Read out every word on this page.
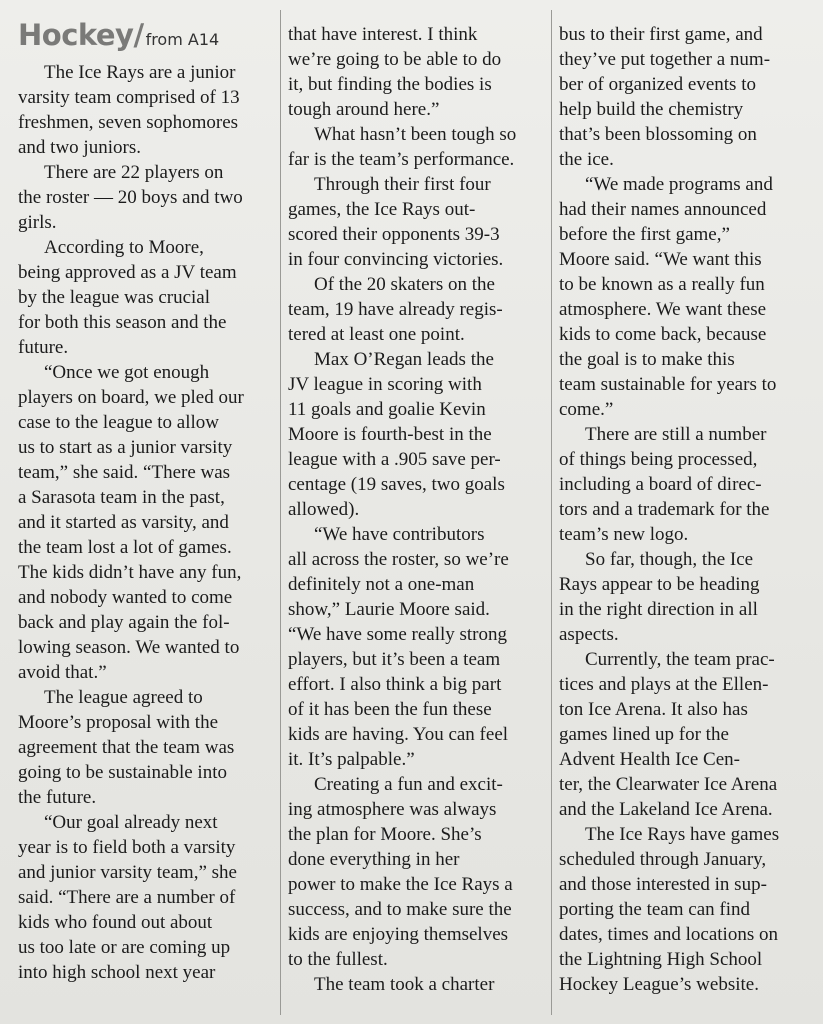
Hockey/ from A14
The Ice Rays are a junior
varsity team comprised of 13
freshmen, seven sophomores
and two juniors.
There are 22 players on
the roster — 20 boys and two
girls.
According to Moore,
being approved as a JV team
by the league was crucial
for both this season and the
future.
“Once we got enough
players on board, we pled our
case to the league to allow
us to start as a junior varsity
team,” she said. “There was
a Sarasota team in the past,
and it started as varsity, and
the team lost a lot of games.
The kids didn’t have any fun,
and nobody wanted to come
back and play again the fol-
lowing season. We wanted to
avoid that.”
The league agreed to
Moore’s proposal with the
agreement that the team was
going to be sustainable into
the future.
“Our goal already next
year is to field both a varsity
and junior varsity team,” she
said. “There are a number of
kids who found out about
us too late or are coming up
into high school next year
that have interest. I think
we’re going to be able to do
it, but finding the bodies is
tough around here.”
What hasn’t been tough so
far is the team’s performance.
Through their first four
games, the Ice Rays out-
scored their opponents 39-3
in four convincing victories.
Of the 20 skaters on the
team, 19 have already regis-
tered at least one point.
Max O’Regan leads the
JV league in scoring with
11 goals and goalie Kevin
Moore is fourth-best in the
league with a .905 save per-
centage (19 saves, two goals
allowed).
“We have contributors
all across the roster, so we’re
definitely not a one-man
show,” Laurie Moore said.
“We have some really strong
players, but it’s been a team
effort. I also think a big part
of it has been the fun these
kids are having. You can feel
it. It’s palpable.”
Creating a fun and excit-
ing atmosphere was always
the plan for Moore. She’s
done everything in her
power to make the Ice Rays a
success, and to make sure the
kids are enjoying themselves
to the fullest.
The team took a charter
bus to their first game, and
they’ve put together a num-
ber of organized events to
help build the chemistry
that’s been blossoming on
the ice.
“We made programs and
had their names announced
before the first game,”
Moore said. “We want this
to be known as a really fun
atmosphere. We want these
kids to come back, because
the goal is to make this
team sustainable for years to
come.”
There are still a number
of things being processed,
including a board of direc-
tors and a trademark for the
team’s new logo.
So far, though, the Ice
Rays appear to be heading
in the right direction in all
aspects.
Currently, the team prac-
tices and plays at the Ellen-
ton Ice Arena. It also has
games lined up for the
Advent Health Ice Cen-
ter, the Clearwater Ice Arena
and the Lakeland Ice Arena.
The Ice Rays have games
scheduled through January,
and those interested in sup-
porting the team can find
dates, times and locations on
the Lightning High School
Hockey League’s website.
